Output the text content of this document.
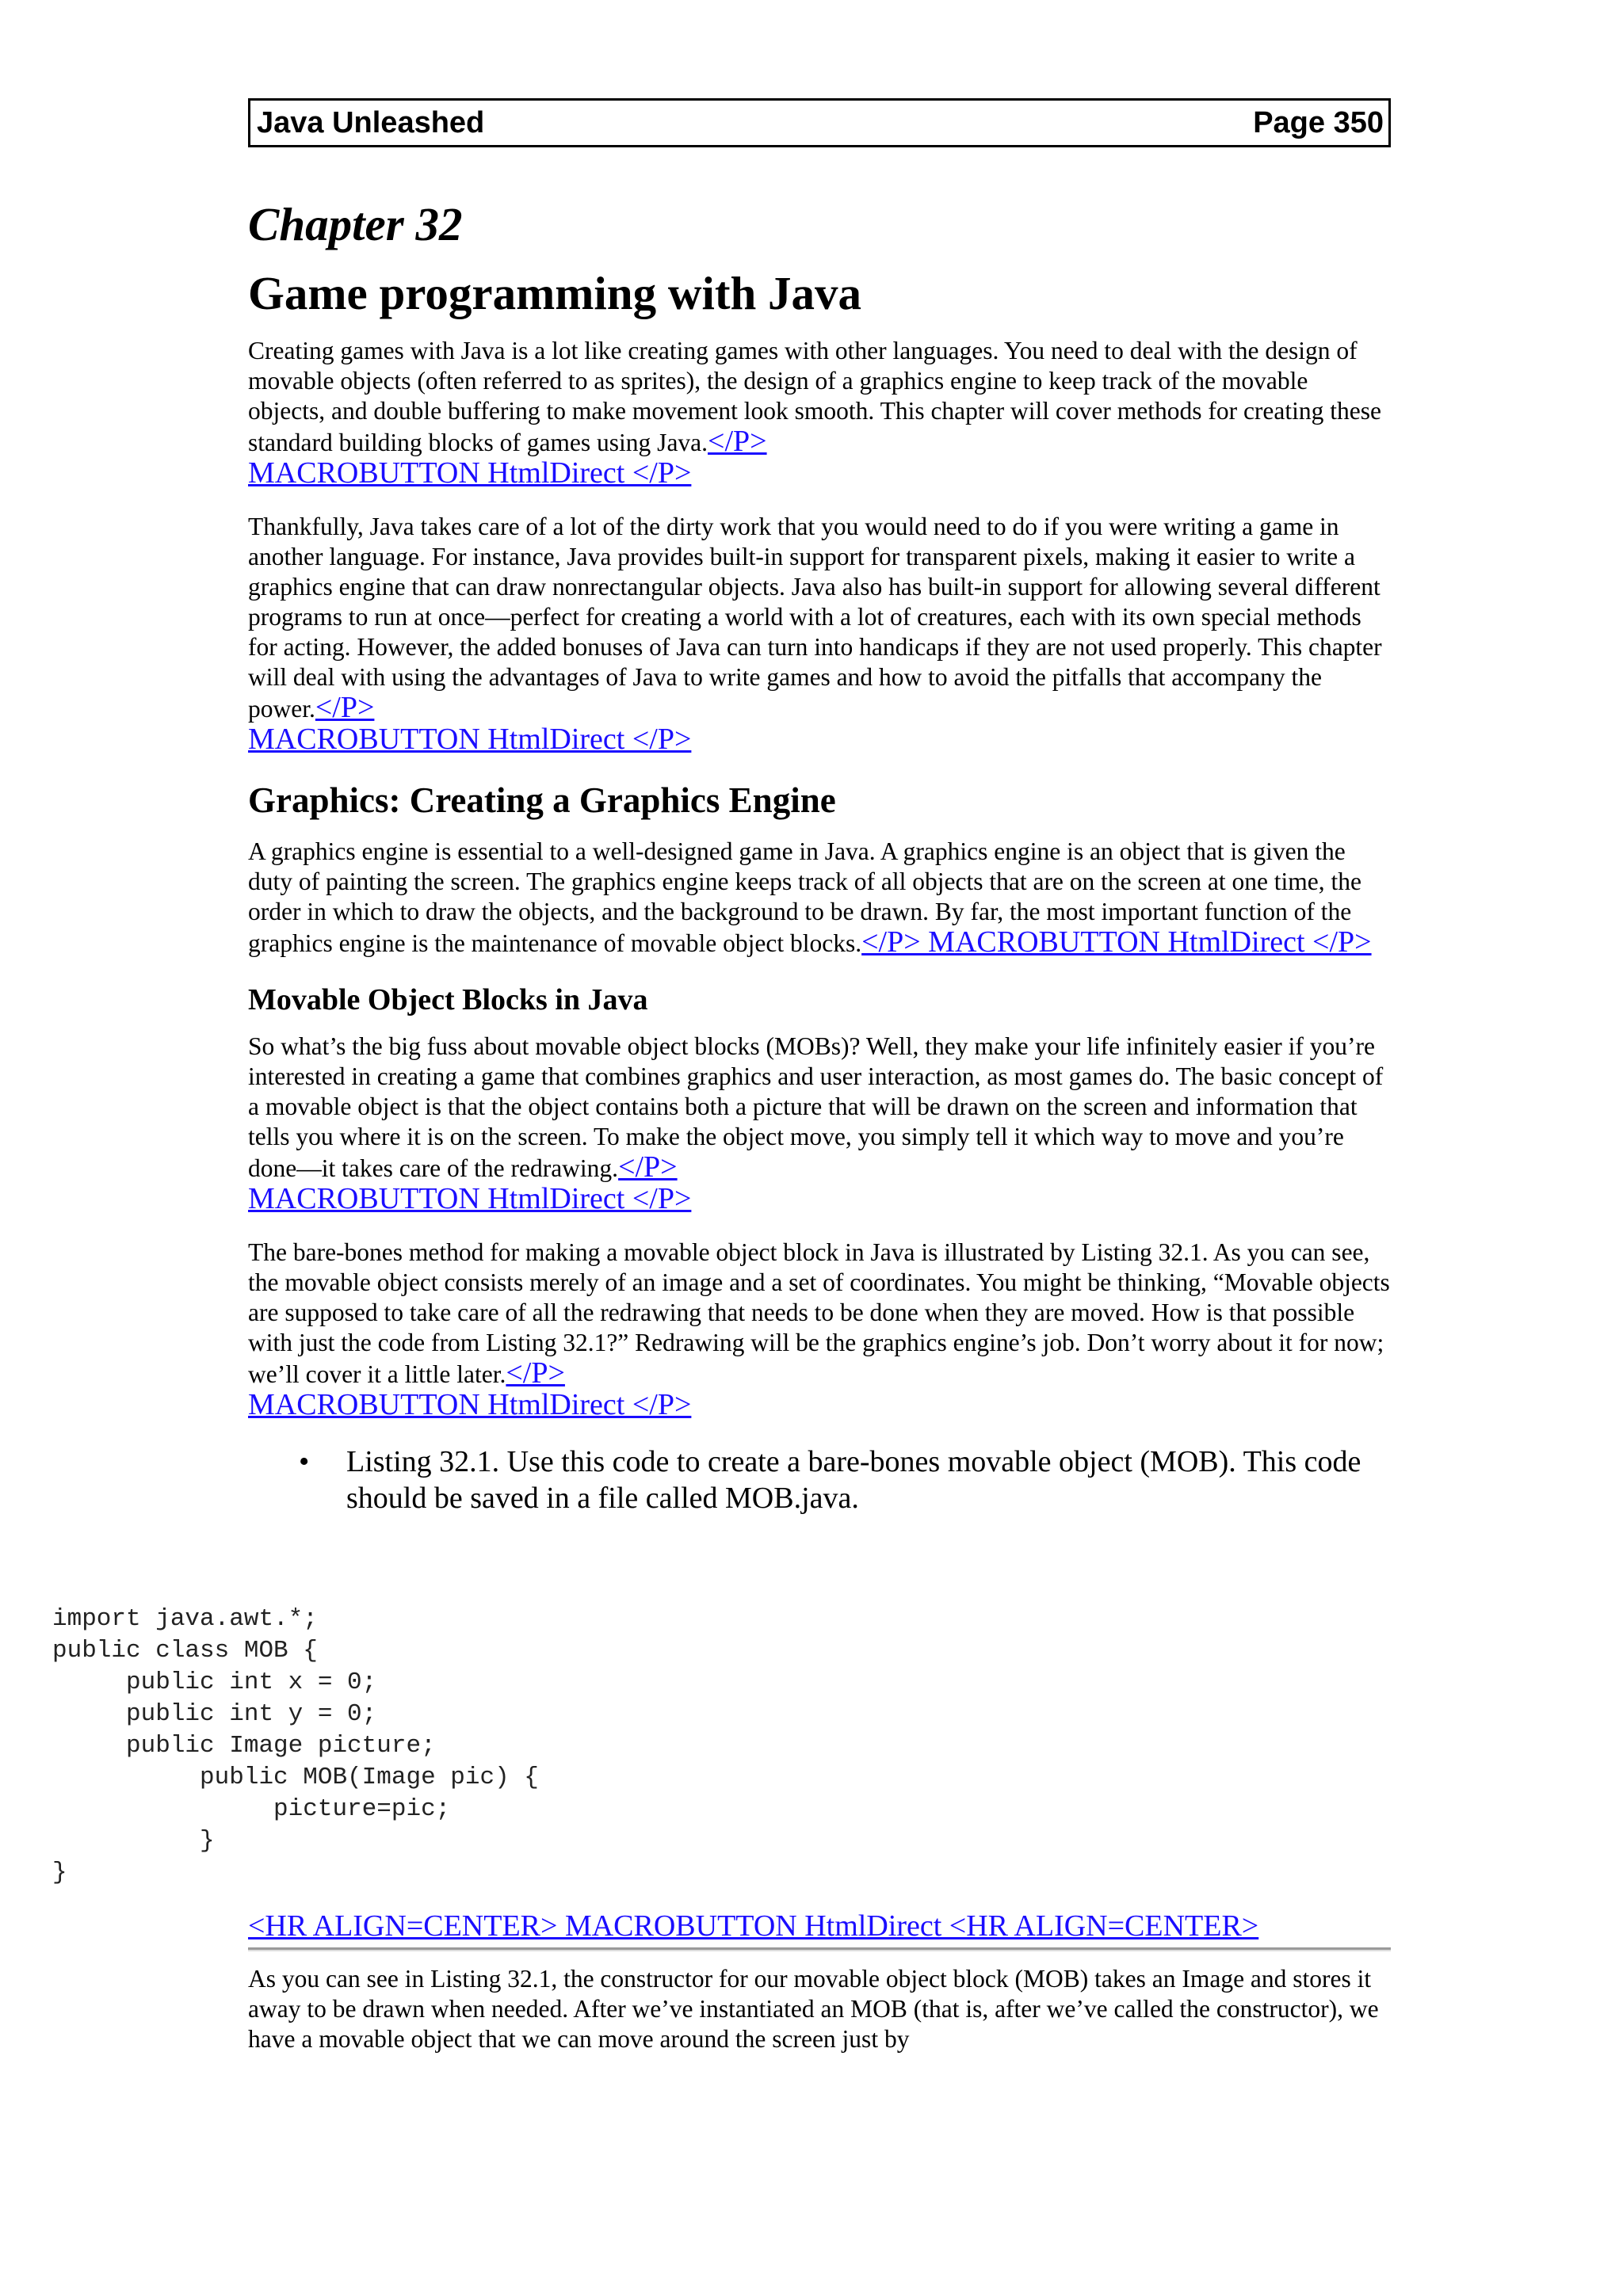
Java Unleashed	Page 350
Chapter 32
Game programming with Java

Creating games with Java is a lot like creating games with other languages. You need to deal with the design of movable objects (often referred to as sprites), the design of a graphics engine to keep track of the movable objects, and double buffering to make movement look smooth. This chapter will cover methods for creating these standard building blocks of games using Java.</P>
MACROBUTTON HtmlDirect </P>

Thankfully, Java takes care of a lot of the dirty work that you would need to do if you were writing a game in another language. For instance, Java provides built-in support for transparent pixels, making it easier to write a graphics engine that can draw nonrectangular objects. Java also has built-in support for allowing several different programs to run at once—perfect for creating a world with a lot of creatures, each with its own special methods for acting. However, the added bonuses of Java can turn into handicaps if they are not used properly. This chapter will deal with using the advantages of Java to write games and how to avoid the pitfalls that accompany the power.</P>
MACROBUTTON HtmlDirect </P>

Graphics: Creating a Graphics Engine

A graphics engine is essential to a well-designed game in Java. A graphics engine is an object that is given the duty of painting the screen. The graphics engine keeps track of all objects that are on the screen at one time, the order in which to draw the objects, and the background to be drawn. By far, the most important function of the graphics engine is the maintenance of movable object blocks.</P> MACROBUTTON HtmlDirect </P>

Movable Object Blocks in Java

So what’s the big fuss about movable object blocks (MOBs)? Well, they make your life infinitely easier if you’re interested in creating a game that combines graphics and user interaction, as most games do. The basic concept of a movable object is that the object contains both a picture that will be drawn on the screen and information that tells you where it is on the screen. To make the object move, you simply tell it which way to move and you’re done—it takes care of the redrawing.</P>
MACROBUTTON HtmlDirect </P>

The bare-bones method for making a movable object block in Java is illustrated by Listing 32.1. As you can see, the movable object consists merely of an image and a set of coordinates. You might be thinking, “Movable objects are supposed to take care of all the redrawing that needs to be done when they are moved. How is that possible with just the code from Listing 32.1?” Redrawing will be the graphics engine’s job. Don’t worry about it for now; we’ll cover it a little later.</P>
MACROBUTTON HtmlDirect </P>

• Listing 32.1. Use this code to create a bare-bones movable object (MOB). This code should be saved in a file called MOB.java.
import java.awt.*;
public class MOB {
public int x = 0;
public int y = 0;
public Image picture;
public MOB(Image pic) {
picture=pic;
}
}
<HR ALIGN=CENTER> MACROBUTTON HtmlDirect <HR ALIGN=CENTER>

As you can see in Listing 32.1, the constructor for our movable object block (MOB) takes an Image and stores it away to be drawn when needed. After we’ve instantiated an MOB (that is, after we’ve called the constructor), we have a movable object that we can move around the screen just by
